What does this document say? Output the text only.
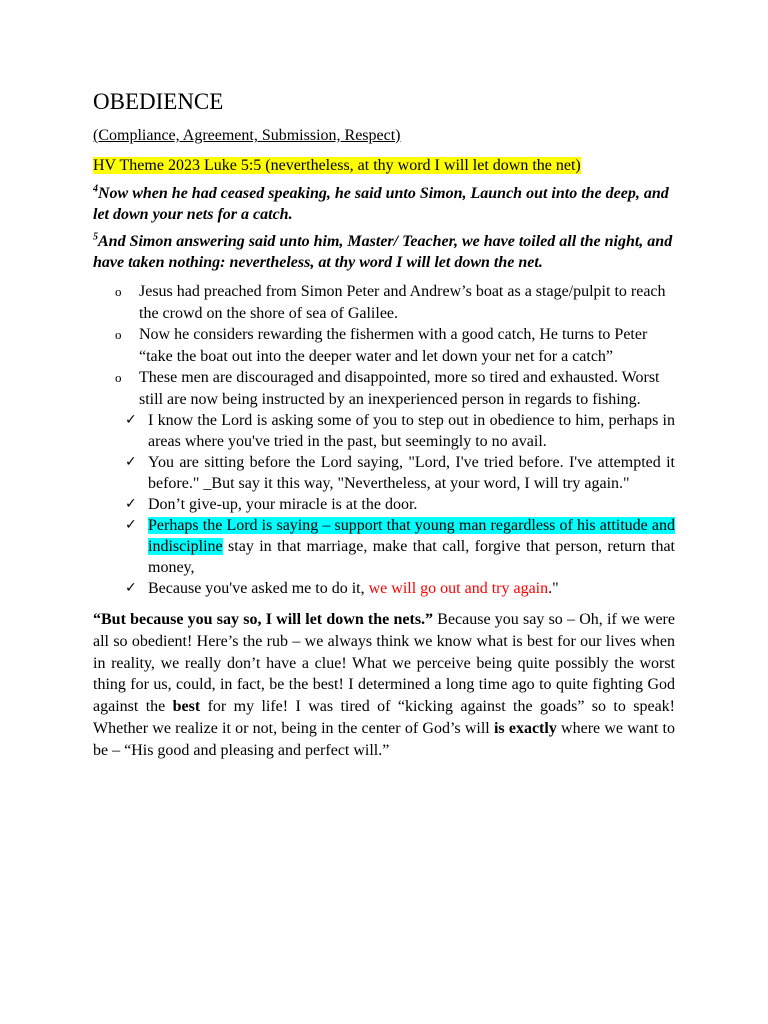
OBEDIENCE
(Compliance, Agreement, Submission, Respect)
HV Theme 2023 Luke 5:5 (nevertheless, at thy word I will let down the net)
$^4$Now when he had ceased speaking, he said unto Simon, Launch out into the deep, and let down your nets for a catch.
$^5$And Simon answering said unto him, Master/ Teacher, we have toiled all the night, and have taken nothing: nevertheless, at thy word I will let down the net.
o Jesus had preached from Simon Peter and Andrew’s boat as a stage/pulpit to reach the crowd on the shore of sea of Galilee.
o Now he considers rewarding the fishermen with a good catch, He turns to Peter “take the boat out into the deeper water and let down your net for a catch”
o These men are discouraged and disappointed, more so tired and exhausted. Worst still are now being instructed by an inexperienced person in regards to fishing.
✓ I know the Lord is asking some of you to step out in obedience to him, perhaps in areas where you've tried in the past, but seemingly to no avail.
✓ You are sitting before the Lord saying, "Lord, I've tried before. I've attempted it before." _But say it this way, "Nevertheless, at your word, I will try again."
✓ Don’t give-up, your miracle is at the door.
✓ Perhaps the Lord is saying – support that young man regardless of his attitude and indiscipline stay in that marriage, make that call, forgive that person, return that money,
✓ Because you've asked me to do it, we will go out and try again."

“But because you say so, I will let down the nets.” Because you say so – Oh, if we were all so obedient! Here’s the rub – we always think we know what is best for our lives when in reality, we really don’t have a clue! What we perceive being quite possibly the worst thing for us, could, in fact, be the best! I determined a long time ago to quite fighting God against the best for my life! I was tired of “kicking against the goads” so to speak! Whether we realize it or not, being in the center of God’s will is exactly where we want to be – “His good and pleasing and perfect will.”
